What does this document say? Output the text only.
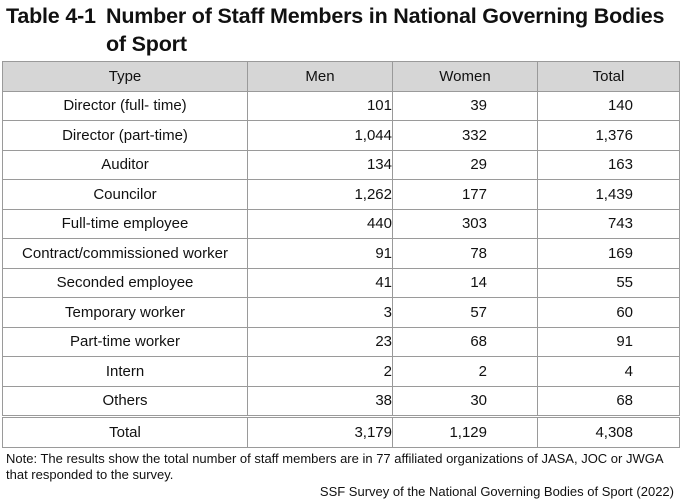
Table 4-1 Number of Staff Members in National Governing Bodies of Sport
Type	Men	Women	Total
Director (full- time)	101	39	140
Director (part-time)	1,044	332	1,376
Auditor	134	29	163
Councilor	1,262	177	1,439
Full-time employee	440	303	743
Contract/commissioned worker	91	78	169
Seconded employee	41	14	55
Temporary worker	3	57	60
Part-time worker	23	68	91
Intern	2	2	4
Others	38	30	68
Total	3,179	1,129	4,308
Note: The results show the total number of staff members are in 77 affiliated organizations of JASA, JOC or JWGA that responded to the survey.
SSF Survey of the National Governing Bodies of Sport (2022)
